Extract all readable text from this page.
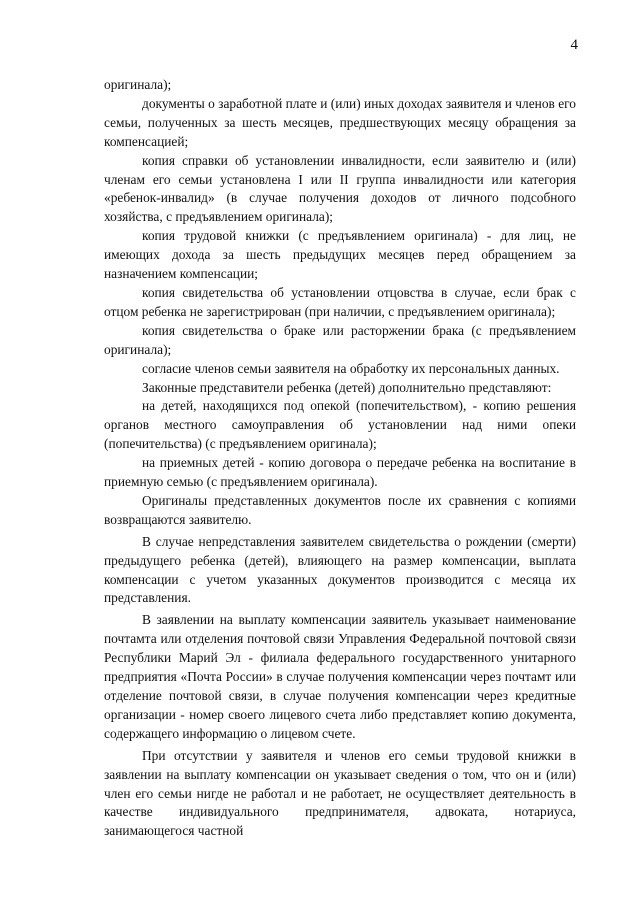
4

оригинала);

документы о заработной плате и (или) иных доходах заявителя и членов его семьи, полученных за шесть месяцев, предшествующих месяцу обращения за компенсацией;

копия справки об установлении инвалидности, если заявителю и (или) членам его семьи установлена I или II группа инвалидности или категория «ребенок-инвалид» (в случае получения доходов от личного подсобного хозяйства, с предъявлением оригинала);

копия трудовой книжки (с предъявлением оригинала) - для лиц, не имеющих дохода за шесть предыдущих месяцев перед обращением за назначением компенсации;

копия свидетельства об установлении отцовства в случае, если брак с отцом ребенка не зарегистрирован (при наличии, с предъявлением оригинала);

копия свидетельства о браке или расторжении брака (с предъявлением оригинала);

согласие членов семьи заявителя на обработку их персональных данных.

Законные представители ребенка (детей) дополнительно представляют:

на детей, находящихся под опекой (попечительством), - копию решения органов местного самоуправления об установлении над ними опеки (попечительства) (с предъявлением оригинала);

на приемных детей - копию договора о передаче ребенка на воспитание в приемную семью (с предъявлением оригинала).

Оригиналы представленных документов после их сравнения с копиями возвращаются заявителю.

В случае непредставления заявителем свидетельства о рождении (смерти) предыдущего ребенка (детей), влияющего на размер компенсации, выплата компенсации с учетом указанных документов производится с месяца их представления.

В заявлении на выплату компенсации заявитель указывает наименование почтамта или отделения почтовой связи Управления Федеральной почтовой связи Республики Марий Эл - филиала федерального государственного унитарного предприятия «Почта России» в случае получения компенсации через почтамт или отделение почтовой связи, в случае получения компенсации через кредитные организации - номер своего лицевого счета либо представляет копию документа, содержащего информацию о лицевом счете.

При отсутствии у заявителя и членов его семьи трудовой книжки в заявлении на выплату компенсации он указывает сведения о том, что он и (или) член его семьи нигде не работал и не работает, не осуществляет деятельность в качестве индивидуального предпринимателя, адвоката, нотариуса, занимающегося частной
